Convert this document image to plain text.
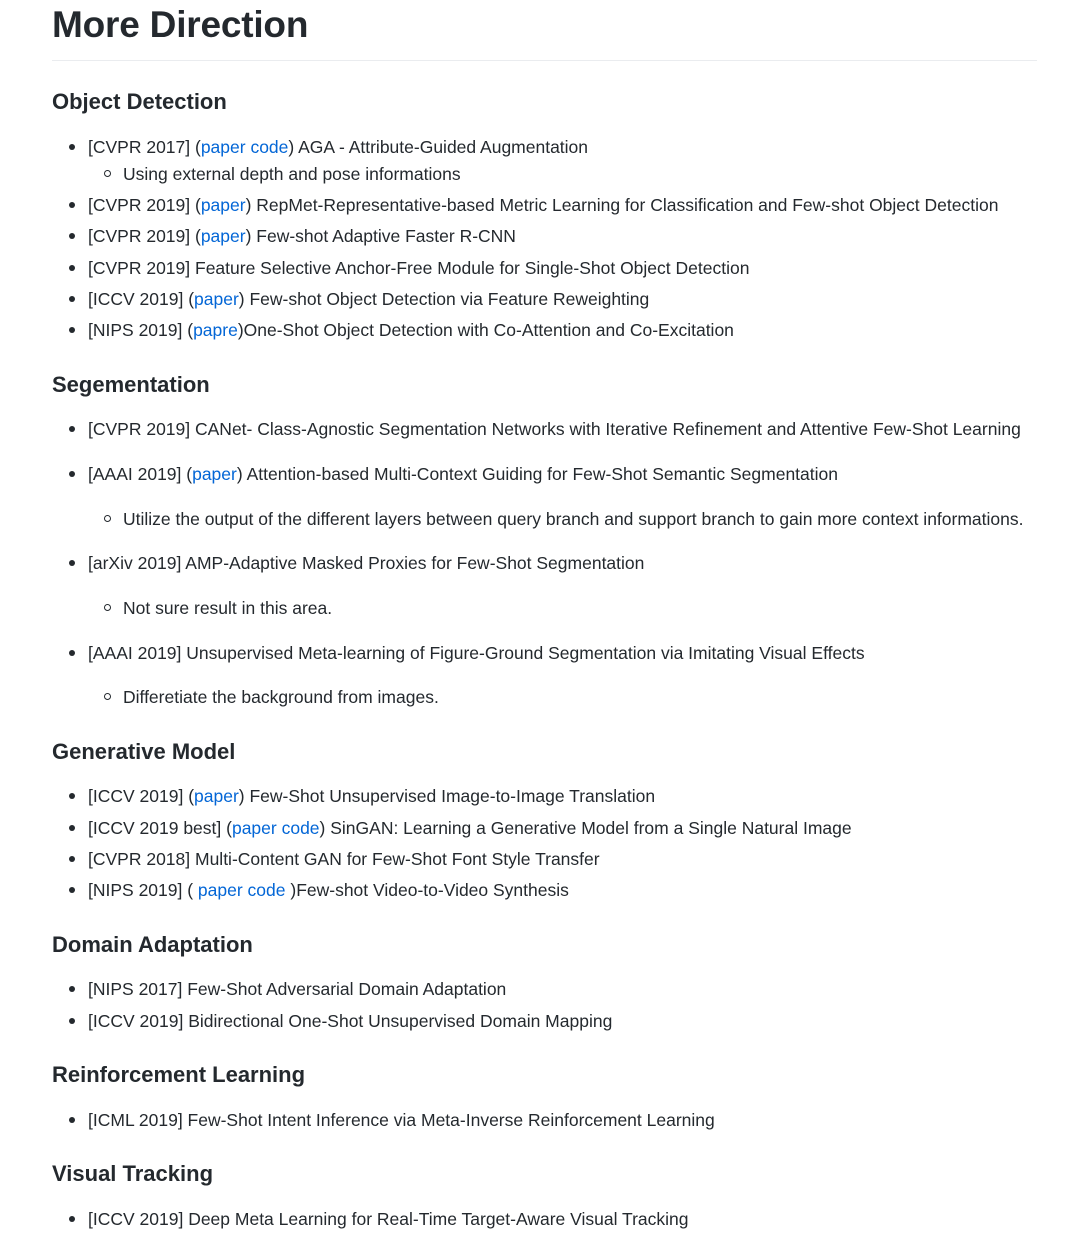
More Direction
Object Detection
[CVPR 2017] (paper code) AGA - Attribute-Guided Augmentation
Using external depth and pose informations
[CVPR 2019] (paper) RepMet-Representative-based Metric Learning for Classification and Few-shot Object Detection
[CVPR 2019] (paper) Few-shot Adaptive Faster R-CNN
[CVPR 2019] Feature Selective Anchor-Free Module for Single-Shot Object Detection
[ICCV 2019] (paper) Few-shot Object Detection via Feature Reweighting
[NIPS 2019] (papre)One-Shot Object Detection with Co-Attention and Co-Excitation
Segementation
[CVPR 2019] CANet- Class-Agnostic Segmentation Networks with Iterative Refinement and Attentive Few-Shot Learning
[AAAI 2019] (paper) Attention-based Multi-Context Guiding for Few-Shot Semantic Segmentation
Utilize the output of the different layers between query branch and support branch to gain more context informations.
[arXiv 2019] AMP-Adaptive Masked Proxies for Few-Shot Segmentation
Not sure result in this area.
[AAAI 2019] Unsupervised Meta-learning of Figure-Ground Segmentation via Imitating Visual Effects
Differetiate the background from images.
Generative Model
[ICCV 2019] (paper) Few-Shot Unsupervised Image-to-Image Translation
[ICCV 2019 best] (paper code) SinGAN: Learning a Generative Model from a Single Natural Image
[CVPR 2018] Multi-Content GAN for Few-Shot Font Style Transfer
[NIPS 2019] ( paper code )Few-shot Video-to-Video Synthesis
Domain Adaptation
[NIPS 2017] Few-Shot Adversarial Domain Adaptation
[ICCV 2019] Bidirectional One-Shot Unsupervised Domain Mapping
Reinforcement Learning
[ICML 2019] Few-Shot Intent Inference via Meta-Inverse Reinforcement Learning
Visual Tracking
[ICCV 2019] Deep Meta Learning for Real-Time Target-Aware Visual Tracking
